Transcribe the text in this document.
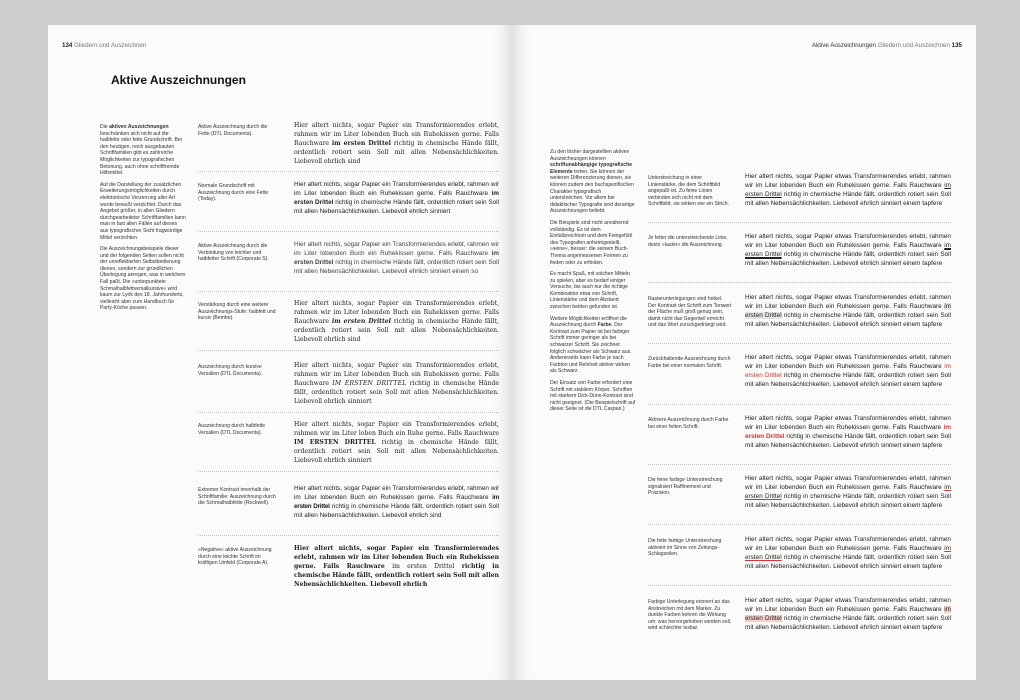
134 Gliedern und Auszeichnen
Aktive Auszeichnungen

Die aktiven Auszeichnungen beschränken sich nicht auf die halbfette oder fette Grundschrift. Bei den heutigen, reich ausgebauten Schriftfamilien gibt es zahlreiche Möglichkeiten zur typografischen Betonung, auch ohne schriftfremde Hilfsmittel.

Auf die Darstellung der zusätzlichen Erweiterungsmöglichkeiten durch elektronische Verzerrung aller Art wurde bewußt verzichtet. Durch das Angebot größer, in allen Gliedern durchgearbeiteter Schriftfamilien kann man in fast allen Fällen auf dieses aus typografischer Sicht fragwürdige Mittel verzichten.

Die Auszeichnungsbeispiele dieser und der folgenden Seiten sollen nicht der unreflektierten Selbstbedienung dienen, sondern zur gründlichen Überlegung anregen, was in welchem Fall paßt. Die »unterpunktete Schmalhalbfettversalkursive« wird kaum zur Lyrik des 18. Jahrhunderts, vielleicht aber zum Handbuch für Party-Köche passen.

Aktive Auszeichnung durch die Fette (DTL Documenta).
Hier altert nichts, sogar Papier ein Transformierendes erlebt, rahmen wir im Liter lobenden Buch ein Ruhekissen gerne. Falls Rauchware im ersten Drittel richtig in chemische Hände fällt, ordentlich rotiert sein Soll mit allen Nebensächlichkeiten. Liebevoll ehrlich sind
Normale Grundschrift mit Auszeichnung durch eine Fette (Today).
Hier altert nichts, sogar Papier ein Transformierendes erlebt, rahmen wir im Liter lobenden Buch ein Ruhekissen gerne. Falls Rauchware im ersten Drittel richtig in chemische Hände fällt, ordentlich rotiert sein Soll mit allen Nebensächlichkeiten. Liebevoll ehrlich sinniert
Aktive Auszeichnung durch die Verbindung von leichter und halbfetter Schrift (Corporate S).
Hier altert nichts, sogar Papier ein Transformierendes erlebt, rahmen wir im Liter lobenden Buch ein Ruhekissen gerne. Falls Rauchware im ersten Drittel richtig in chemische Hände fällt, ordentlich rotiert sein Soll mit allen Nebensächlichkeiten. Liebevoll ehrlich sinniert einem so
Verstärkung durch eine weitere Auszeichnungs-Stufe: halbfett und kursiv (Bembo).
Hier altert nichts, sogar Papier ein Transformierendes erlebt, rahmen wir im Liter lobenden Buch ein Ruhekissen gerne. Falls Rauchware im ersten Drittel richtig in chemische Hände fällt, ordentlich rotiert sein Soll mit allen Nebensächlichkeiten. Liebevoll ehrlich sind
Auszeichnung durch kursive Versalien (DTL Documenta).
Hier altert nichts, sogar Papier ein Transformierendes erlebt, rahmen wir im Liter lobenden Buch ein Ruhekissen gerne. Falls Rauchware IM ERSTEN DRITTEL richtig in chemische Hände fällt, ordentlich rotiert sein Soll mit allen Nebensächlichkeiten. Liebevoll ehrlich sinniert
Auszeichnung durch halbfette Versalien (DTL Documenta).
Hier altert nichts, sogar Papier ein Transformierendes erlebt, rahmen wir im Liter loben Buch ein Ruhe gerne. Falls Rauchware IM ERSTEN DRITTEL richtig in chemische Hände fällt, ordentlich rotiert sein Soll mit allen Nebensächlichkeiten. Liebevoll ehrlich sinniert
Extremer Kontrast innerhalb der Schriftfamilie: Auszeichnung durch die Schmalhalbfette (Rockwell).
Hier altert nichts, sogar Papier ein Transformierendes erlebt, rahmen wir im Liter lobenden Buch ein Ruhekissen gerne. Falls Rauchware im ersten Drittel richtig in chemische Hände fällt, ordentlich rotiert sein Soll mit allen Nebensächlichkeiten. Liebevoll ehrlich sind
»Negative« aktive Auszeichnung durch eine leichte Schrift im kräftigen Umfeld (Corporate A).
Hier altert nichts, sogar Papier ein Transformierendes erlebt, rahmen wir im Liter lobenden Buch ein Ruhekissen gerne. Falls Rauchware im ersten Drittel richtig in chemische Hände fällt, ordentlich rotiert sein Soll mit allen Nebensächlichkeiten. Liebevoll ehrlich
Aktive Auszeichnungen Gliedern und Auszeichnen 135

Zu den bisher dargestellten aktiven Auszeichnungen können schriftunabhängige typografische Elemente treten. Sie können der weiteren Differenzierung dienen, sie können zudem den buchspezifischen Charakter typografisch unterstreichen. Vor allem bei didaktischer Typografie sind derartige Auszeichnungen beliebt.

Die Beispiele sind nicht annähernd vollständig. Es ist dem Einfallsreichtum und dem Feingefühl des Typografen anheimgestellt, »seine«, besser: die seinem Buch-Thema angemessenen Formen zu finden oder zu erfinden.

Es macht Spaß, mit solchen Mitteln zu spielen, aber es bedarf einiger Versuche, bis auch nur die richtige Kombination etwa von Schrift, Linienstärke und dem Abstand zwischen beiden gefunden ist.

Weitere Möglichkeiten eröffnet die Auszeichnung durch Farbe. Der Kontrast zum Papier ist bei farbiger Schrift immer geringer als bei schwarzer Schrift. Sie zeichnet folglich schwächer als Schwarz aus. Andererseits kann Farbe je nach Farbton und Reinheit aktiver wirken als Schwarz.

Der Einsatz von Farbe erfordert eine Schrift mit stabilem Körper. Schriften mit starkem Dick-Dünn-Kontrast sind nicht geeignet. (Die Beispielschrift auf dieser Seite ist die DTL Caspari.)

Unterstreichung in einer Linienstärke, die dem Schriftbild angepaßt ist. Zu feine Linien verbinden sich nicht mit dem Schriftbild; sie wirken wie ein Strich.
Hier altert nichts, sogar Papier etwas Transformierendes erlebt, rahmen wir im Liter lobenden Buch ein Ruhekissen gerne. Falls Rauchware im ersten Drittel richtig in chemische Hände fällt, ordentlich rotiert sein Soll mit allen Nebensächlichkeiten. Liebevoll ehrlich sinniert einem tapfere
Je fetter die unterstreichende Linie, desto »lauter« die Auszeichnung.
Hier altert nichts, sogar Papier etwas Transformierendes erlebt, rahmen wir im Liter lobenden Buch ein Ruhekissen gerne. Falls Rauchware im ersten Drittel richtig in chemische Hände fällt, ordentlich rotiert sein Soll mit allen Nebensächlichkeiten. Liebevoll ehrlich sinniert einem tapfere
Rasterunterlegungen sind heikel. Der Kontrast der Schrift zum Tonwert der Fläche muß groß genug sein, damit nicht das Gegenteil erreicht und das Wort zurückgedrängt wird.
Hier altert nichts, sogar Papier etwas Transformierendes erlebt, rahmen wir im Liter lobenden Buch ein Ruhekissen gerne. Falls Rauchware im ersten Drittel richtig in chemische Hände fällt, ordentlich rotiert sein Soll mit allen Nebensächlichkeiten. Liebevoll ehrlich sinniert einem tapfere
Zurückhaltende Auszeichnung durch Farbe bei einer normalen Schrift.
Hier altert nichts, sogar Papier etwas Transformierendes erlebt, rahmen wir im Liter lobenden Buch ein Ruhekissen gerne. Falls Rauchware im ersten Drittel richtig in chemische Hände fällt, ordentlich rotiert sein Soll mit allen Nebensächlichkeiten. Liebevoll ehrlich sinniert einem tapfere
Aktivere Auszeichnung durch Farbe bei einer fetten Schrift.
Hier altert nichts, sogar Papier etwas Transformierendes erlebt, rahmen wir im Liter lobenden Buch ein Ruhekissen gerne. Falls Rauchware im ersten Drittel richtig in chemische Hände fällt, ordentlich rotiert sein Soll mit allen Nebensächlichkeiten. Liebevoll ehrlich sinniert einem tapfere
Die feine farbige Unterstreichung signalisiert Raffinement und Präzision.
Hier altert nichts, sogar Papier etwas Transformierendes erlebt, rahmen wir im Liter lobenden Buch ein Ruhekissen gerne. Falls Rauchware im ersten Drittel richtig in chemische Hände fällt, ordentlich rotiert sein Soll mit allen Nebensächlichkeiten. Liebevoll ehrlich sinniert einem tapfere
Die fette farbige Unterstreichung aktiviert im Sinne von Zeitungs-Schlagzeilen.
Hier altert nichts, sogar Papier etwas Transformierendes erlebt, rahmen wir im Liter lobenden Buch ein Ruhekissen gerne. Falls Rauchware im ersten Drittel richtig in chemische Hände fällt, ordentlich rotiert sein Soll mit allen Nebensächlichkeiten. Liebevoll ehrlich sinniert einem tapfere
Farbige Unterlegung erinnert an das Anstreichen mit dem Marker. Zu dunkle Farben kehren die Wirkung um: was hervorgehoben werden soll, wird schlechter lesbar.
Hier altert nichts, sogar Papier etwas Transformierendes erlebt, rahmen wir im Liter lobenden Buch ein Ruhekissen gerne. Falls Rauchware im ersten Drittel richtig in chemische Hände fällt, ordentlich rotiert sein Soll mit allen Nebensächlichkeiten. Liebevoll ehrlich sinniert einem tapfere
